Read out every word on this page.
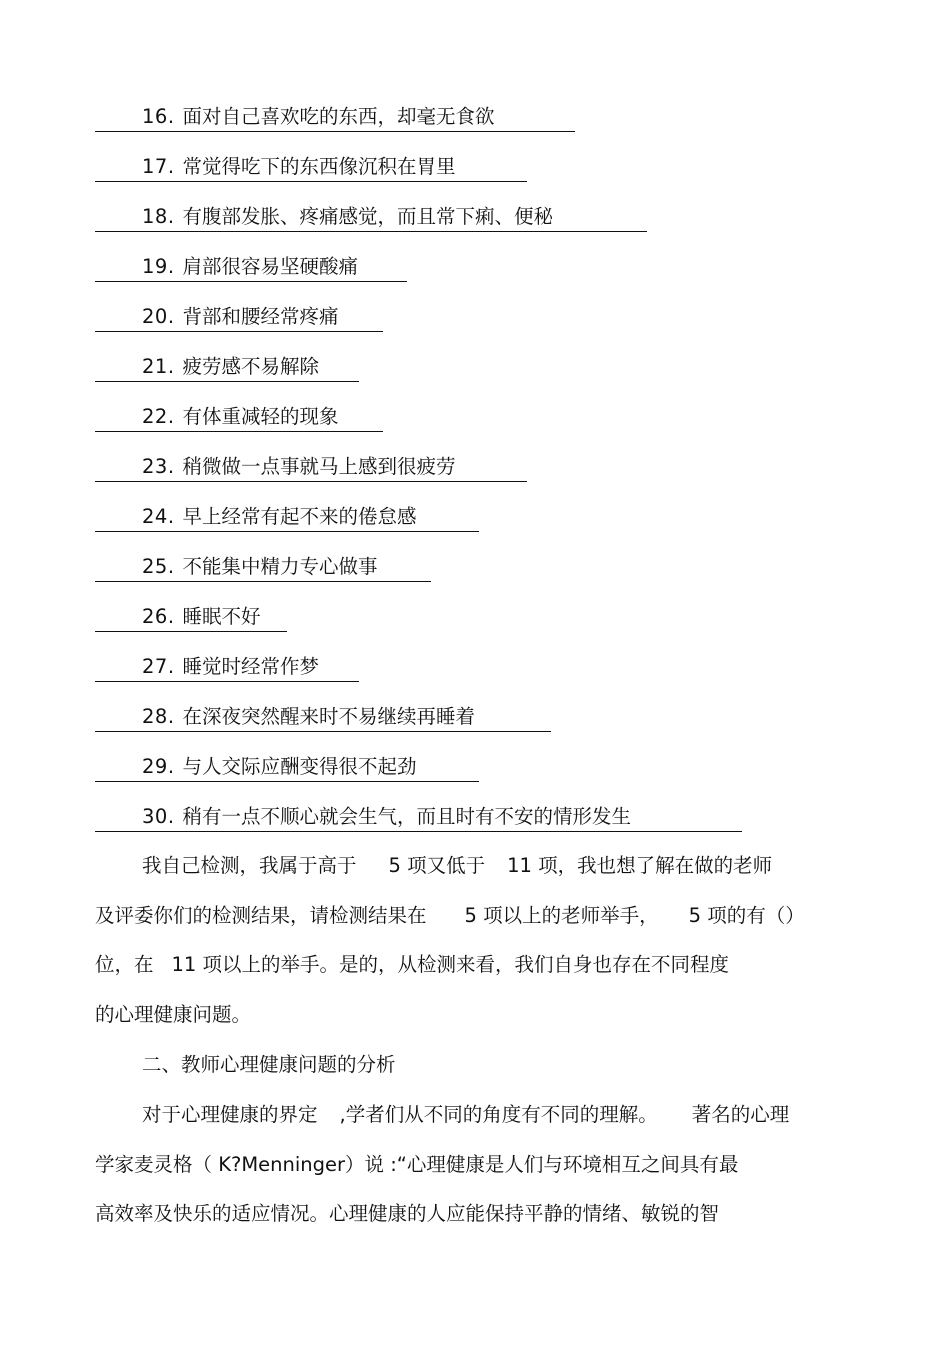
16. 面对自己喜欢吃的东西，却毫无食欲
17. 常觉得吃下的东西像沉积在胃里
18. 有腹部发胀、疼痛感觉，而且常下痢、便秘
19. 肩部很容易坚硬酸痛
20. 背部和腰经常疼痛
21. 疲劳感不易解除
22. 有体重减轻的现象
23. 稍微做一点事就马上感到很疲劳
24. 早上经常有起不来的倦怠感
25. 不能集中精力专心做事
26. 睡眠不好
27. 睡觉时经常作梦
28. 在深夜突然醒来时不易继续再睡着
29. 与人交际应酬变得很不起劲
30. 稍有一点不顺心就会生气，而且时有不安的情形发生
我自己检测，我属于高于 5 项又低于 11 项，我也想了解在做的老师
及评委你们的检测结果，请检测结果在 5 项以上的老师举手， 5 项的有（）
位，在 11 项以上的举手。是的，从检测来看，我们自身也存在不同程度
的心理健康问题。
二、教师心理健康问题的分析
对于心理健康的界定 ,学者们从不同的角度有不同的理解。 著名的心理
学家麦灵格（ K?Menninger）说 :“心理健康是人们与环境相互之间具有最
高效率及快乐的适应情况。心理健康的人应能保持平静的情绪、敏锐的智
